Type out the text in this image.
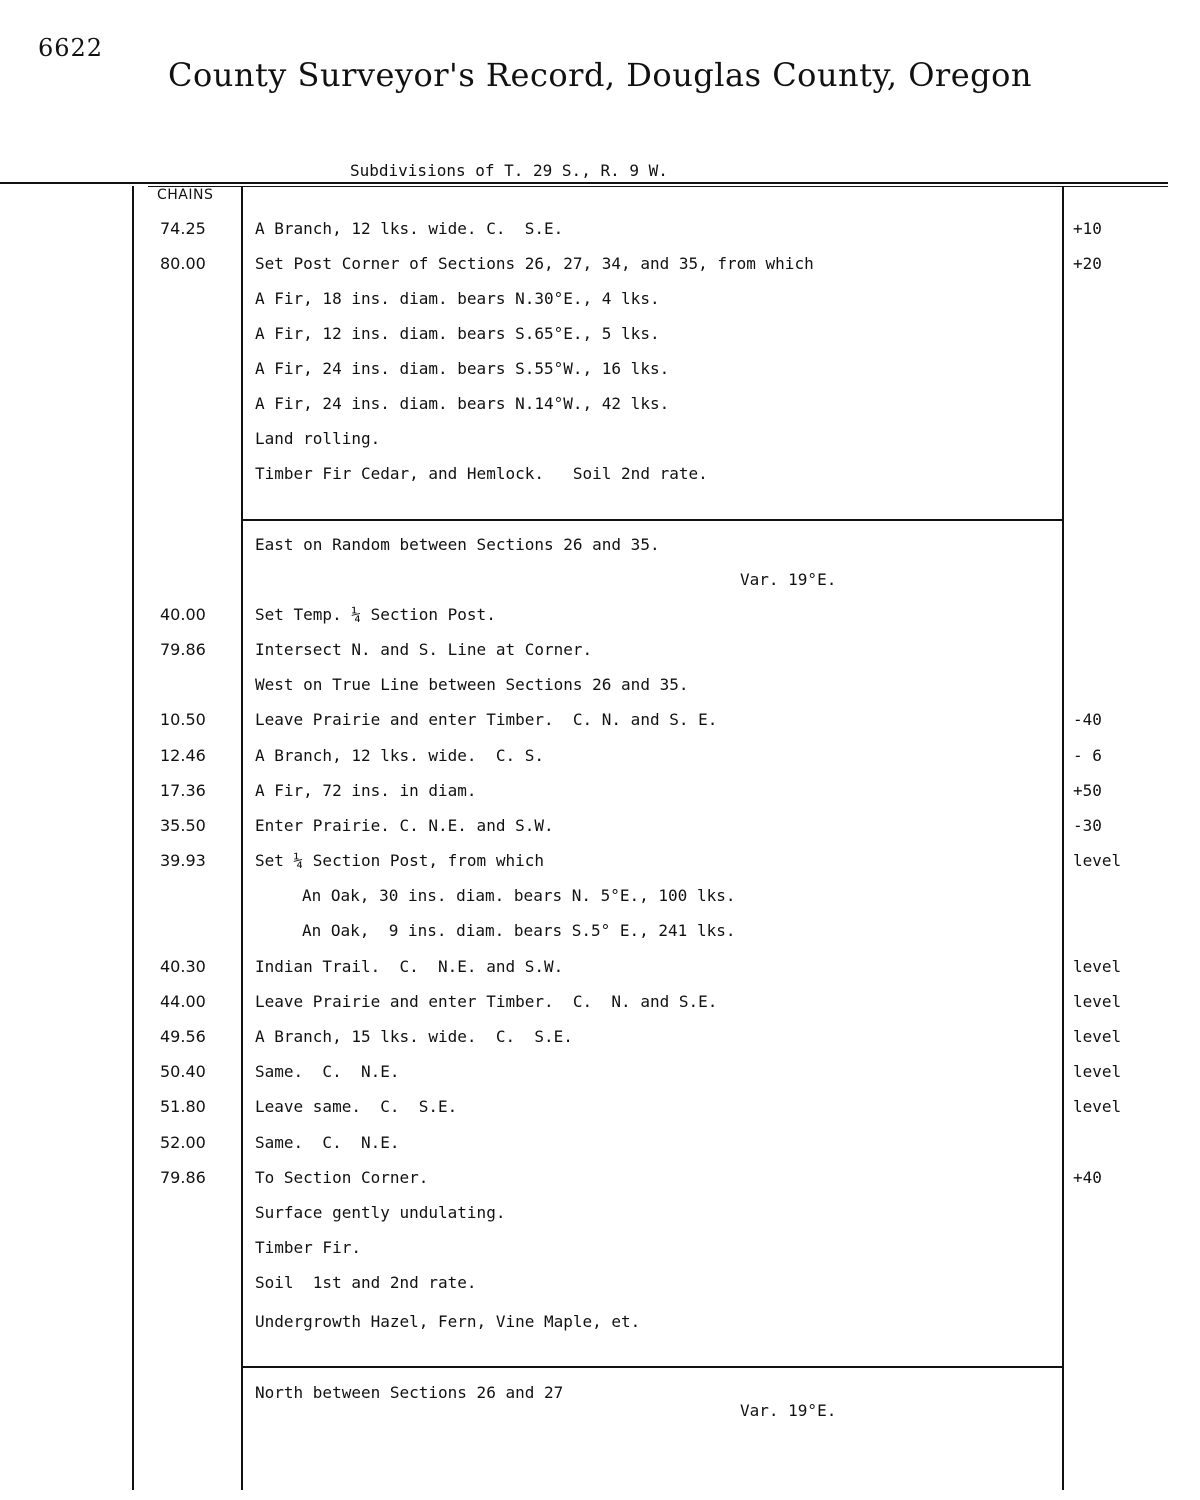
6622
County Surveyor's Record, Douglas County, Oregon
Subdivisions of T. 29 S., R. 9 W.
CHAINS
74.25	A Branch, 12 lks. wide. C.  S.E.	+10
80.00	Set Post Corner of Sections 26, 27, 34, and 35, from which	+20
A Fir, 18 ins. diam. bears N.30°E., 4 lks.
A Fir, 12 ins. diam. bears S.65°E., 5 lks.
A Fir, 24 ins. diam. bears S.55°W., 16 lks.
A Fir, 24 ins. diam. bears N.14°W., 42 lks.
Land rolling.
Timber Fir Cedar, and Hemlock.   Soil 2nd rate.
East on Random between Sections 26 and 35.
Var. 19°E.
40.00	Set Temp. ¼ Section Post.
79.86	Intersect N. and S. Line at Corner.
West on True Line between Sections 26 and 35.
10.50	Leave Prairie and enter Timber.  C. N. and S. E.	-40
12.46	A Branch, 12 lks. wide.  C. S.	- 6
17.36	A Fir, 72 ins. in diam.	+50
35.50	Enter Prairie. C. N.E. and S.W.	-30
39.93	Set ¼ Section Post, from which	level
An Oak, 30 ins. diam. bears N. 5°E., 100 lks.
An Oak,  9 ins. diam. bears S.5° E., 241 lks.
40.30	Indian Trail.  C.  N.E. and S.W.	level
44.00	Leave Prairie and enter Timber.  C.  N. and S.E.	level
49.56	A Branch, 15 lks. wide.  C.  S.E.	level
50.40	Same.  C.  N.E.	level
51.80	Leave same.  C.  S.E.	level
52.00	Same.  C.  N.E.
79.86	To Section Corner.	+40
Surface gently undulating.
Timber Fir.
Soil  1st and 2nd rate.
Undergrowth Hazel, Fern, Vine Maple, et.
North between Sections 26 and 27
Var. 19°E.
